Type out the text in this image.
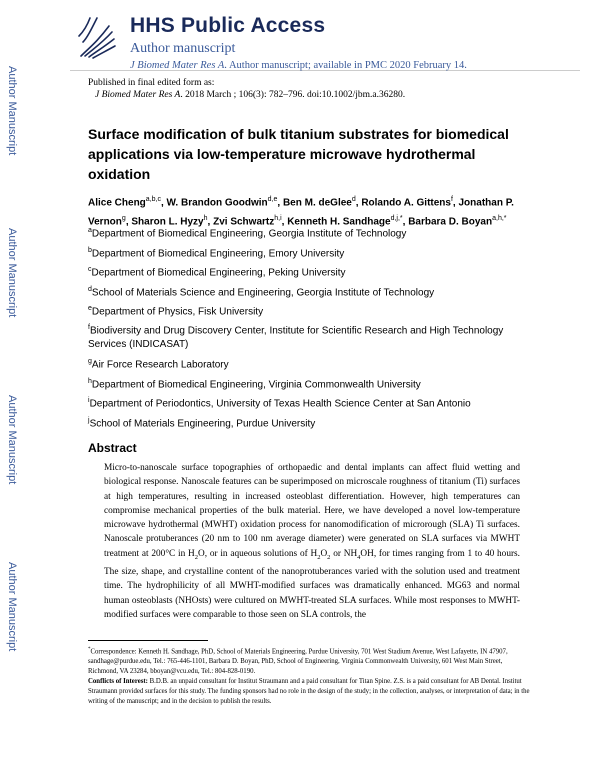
HHS Public Access
Author manuscript
J Biomed Mater Res A. Author manuscript; available in PMC 2020 February 14.
Author Manuscript
Author Manuscript
Author Manuscript
Author Manuscript
Published in final edited form as:
J Biomed Mater Res A. 2018 March ; 106(3): 782–796. doi:10.1002/jbm.a.36280.
Surface modification of bulk titanium substrates for biomedical applications via low-temperature microwave hydrothermal oxidation
Alice Cheng$^{a,b,c}$, W. Brandon Goodwin$^{d,e}$, Ben M. deGlee$^d$, Rolando A. Gittens$^f$, Jonathan P. Vernon$^g$, Sharon L. Hyzy$^h$, Zvi Schwartz$^{h,i}$, Kenneth H. Sandhage$^{d,j,*}$, Barbara D. Boyan$^{a,h,*}$
$^a$Department of Biomedical Engineering, Georgia Institute of Technology
$^b$Department of Biomedical Engineering, Emory University
$^c$Department of Biomedical Engineering, Peking University
$^d$School of Materials Science and Engineering, Georgia Institute of Technology
$^e$Department of Physics, Fisk University
$^f$Biodiversity and Drug Discovery Center, Institute for Scientific Research and High Technology Services (INDICASAT)
$^g$Air Force Research Laboratory
$^h$Department of Biomedical Engineering, Virginia Commonwealth University
$^i$Department of Periodontics, University of Texas Health Science Center at San Antonio
$^j$School of Materials Engineering, Purdue University
Abstract
Micro-to-nanoscale surface topographies of orthopaedic and dental implants can affect fluid wetting and biological response. Nanoscale features can be superimposed on microscale roughness of titanium (Ti) surfaces at high temperatures, resulting in increased osteoblast differentiation. However, high temperatures can compromise mechanical properties of the bulk material. Here, we have developed a novel low-temperature microwave hydrothermal (MWHT) oxidation process for nanomodification of microrough (SLA) Ti surfaces. Nanoscale protuberances (20 nm to 100 nm average diameter) were generated on SLA surfaces via MWHT treatment at 200°C in $H_2O$, or in aqueous solutions of $H_2O_2$ or $NH_4OH$, for times ranging from 1 to 40 hours. The size, shape, and crystalline content of the nanoprotuberances varied with the solution used and treatment time. The hydrophilicity of all MWHT-modified surfaces was dramatically enhanced. MG63 and normal human osteoblasts (NHOsts) were cultured on MWHT-treated SLA surfaces. While most responses to MWHT-modified surfaces were comparable to those seen on SLA controls, the
*Correspondence: Kenneth H. Sandhage, PhD, School of Materials Engineering, Purdue University, 701 West Stadium Avenue, West Lafayette, IN 47907, sandhage@purdue.edu, Tel.: 765-446-1101, Barbara D. Boyan, PhD, School of Engineering, Virginia Commonwealth University, 601 West Main Street, Richmond, VA 23284, bboyan@vcu.edu, Tel.: 804-828-0190.
Conflicts of Interest: B.D.B. an unpaid consultant for Institut Straumann and a paid consultant for Titan Spine. Z.S. is a paid consultant for AB Dental. Institut Straumann provided surfaces for this study. The funding sponsors had no role in the design of the study; in the collection, analyses, or interpretation of data; in the writing of the manuscript; and in the decision to publish the results.
